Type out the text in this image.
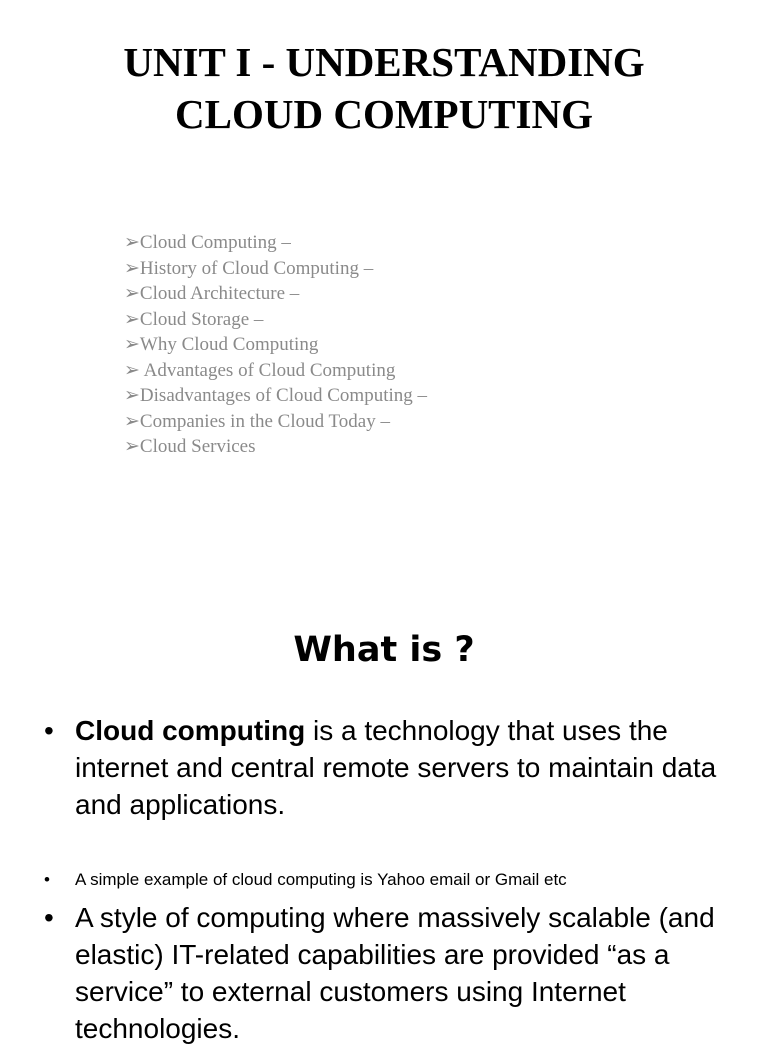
UNIT I - UNDERSTANDING
CLOUD COMPUTING
➢Cloud Computing –
➢History of Cloud Computing –
➢Cloud Architecture –
➢Cloud Storage –
➢Why Cloud Computing
➢ Advantages of Cloud Computing
➢Disadvantages of Cloud Computing –
➢Companies in the Cloud Today –
➢Cloud Services
What is ?
• Cloud computing is a technology that uses the internet and central remote servers to maintain data and applications.
• A simple example of cloud computing is Yahoo email or Gmail etc
• A style of computing where massively scalable (and elastic) IT-related capabilities are provided “as a service” to external customers using Internet technologies.
